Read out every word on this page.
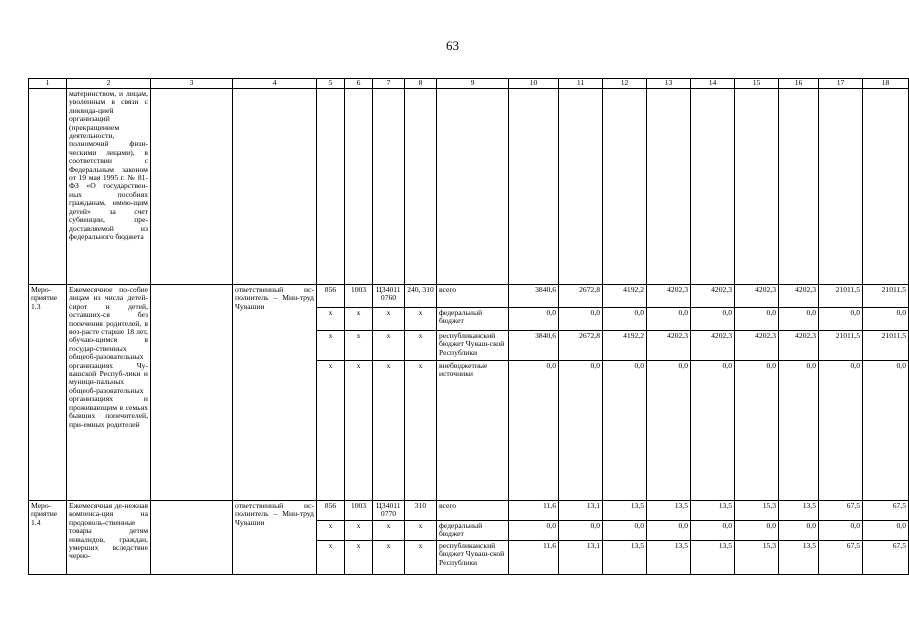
63
1	2	3	4	5	6	7	8	9	10	11	12	13	14	15	16	17	18
	материнством, и лицам, уволенным в связи с ликвида-цией организаций (прекращением деятельности, полномочий физи-ческими лицами), в соответствии с Федеральным законом от 19 мая 1995 г. № 81-ФЗ «О государствен-ных пособиях гражданам, имею-щим детей» за счет субвенции, пре-доставляемой из федерального бюджета																
Меро-приятие 1.3	Ежемесячное по-собие лицам из числа детей-сирот и детей, оставших-ся без попечения родителей, в воз-расте старше 18 лет, обучаю-щимся в государ-ственных общеоб-разовательных организациях Чу-вашской Респуб-лики и муници-пальных общеоб-разовательных организациях и проживающим в семьях бывших попечителей, при-емных родителей		ответственный ис-полнитель – Мин-труд Чувашии	856	1003	Ц34011 0760	240, 310	всего	3840,6	2672,8	4192,2	4202,3	4202,3	4202,3	4202,3	21011,5	21011,5
				х	х	х	х	федеральный бюджет	0,0	0,0	0,0	0,0	0,0	0,0	0,0	0,0	0,0
				х	х	х	х	республиканский бюджет Чуваш-ской Республики	3840,6	2672,8	4192,2	4202,3	4202,3	4202,3	4202,3	21011,5	21011,5
				х	х	х	х	внебюджетные источники	0,0	0,0	0,0	0,0	0,0	0,0	0,0	0,0	0,0
Меро-приятие 1.4	Ежемесячная де-нежная компенса-ция на продоволь-ственные товары детям инвалидов, граждан, умерших вследствие черно-		ответственный ис-полнитель – Мин-труд Чувашии	856	1003	Ц34011 0770	310	всего	11,6	13,1	13,5	13,5	13,5	15,3	13,5	67,5	67,5
				х	х	х	х	федеральный бюджет	0,0	0,0	0,0	0,0	0,0	0,0	0,0	0,0	0,0
				х	х	х	х	республиканский бюджет Чуваш-ской Республики	11,6	13,1	13,5	13,5	13,5	15,3	13,5	67,5	67,5
